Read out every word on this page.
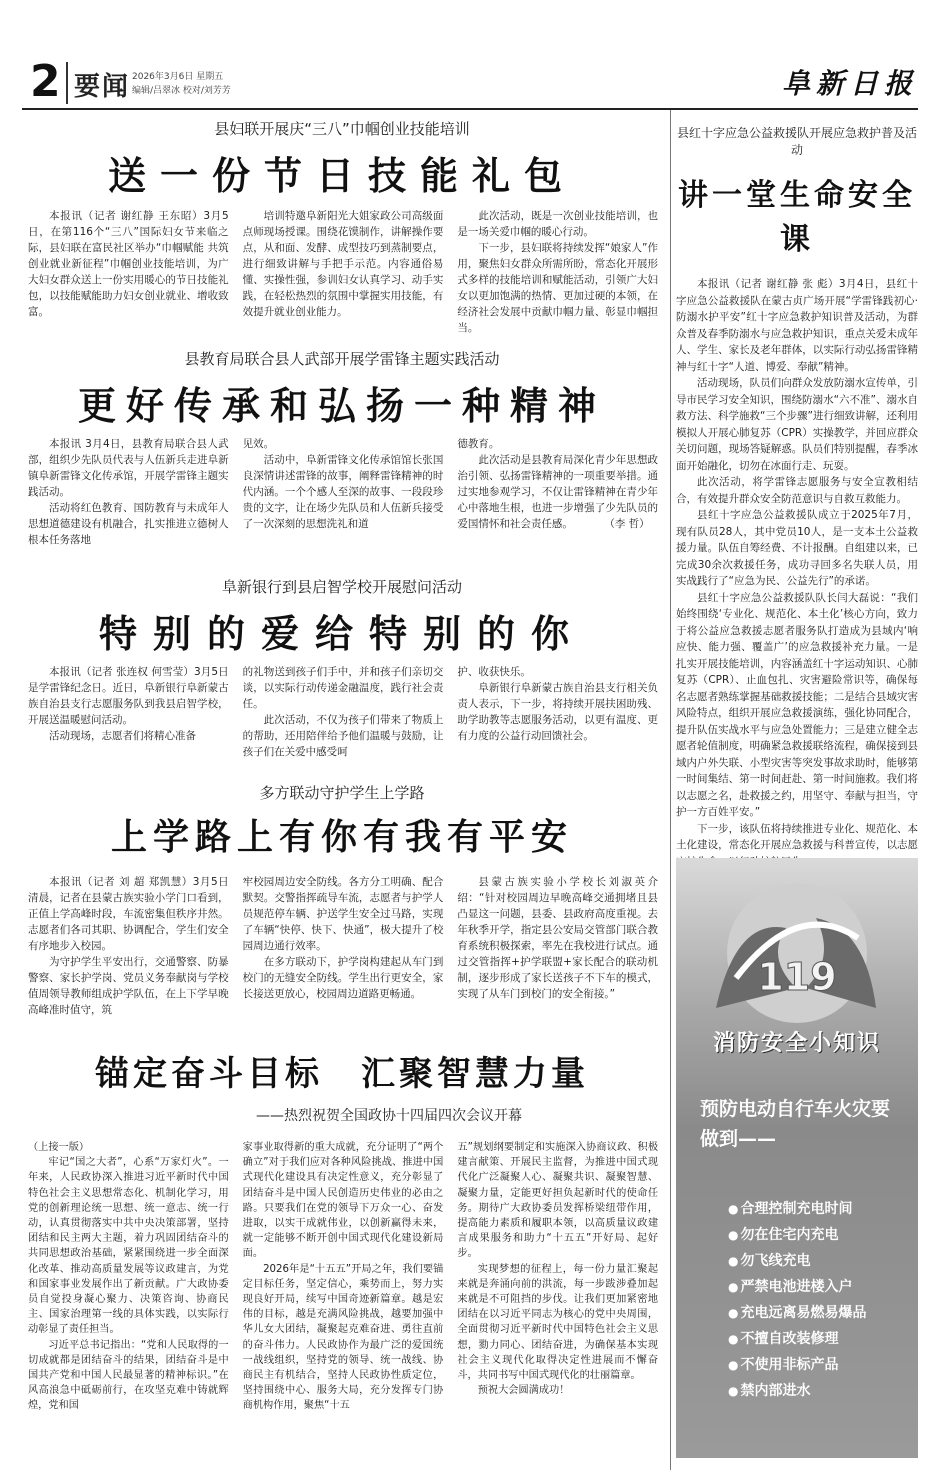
2 要闻 2026年3月6日 星期五
编辑/吕翠冰 校对/刘芳芳	阜新日报
县妇联开展庆“三八”巾帼创业技能培训
送一份节日技能礼包

本报讯（记者 谢红静 王东昭）3月5日，在第116个“三八”国际妇女节来临之际，县妇联在富民社区举办“巾帼赋能 共筑创业就业新征程”巾帼创业技能培训，为广大妇女群众送上一份实用暖心的节日技能礼包，以技能赋能助力妇女创业就业、增收致富。

培训特邀阜新阳光大姐家政公司高级面点师现场授课。围绕花馍制作，讲解操作要点，从和面、发酵、成型技巧到蒸制要点，进行细致讲解与手把手示范。内容通俗易懂、实操性强，参训妇女认真学习、动手实践，在轻松热烈的氛围中掌握实用技能，有效提升就业创业能力。

此次活动，既是一次创业技能培训，也是一场关爱巾帼的暖心行动。

下一步，县妇联将持续发挥“娘家人”作用，聚焦妇女群众所需所盼，常态化开展形式多样的技能培训和赋能活动，引领广大妇女以更加饱满的热情、更加过硬的本领，在经济社会发展中贡献巾帼力量、彰显巾帼担当。

县教育局联合县人武部开展学雷锋主题实践活动
更好传承和弘扬一种精神

本报讯 3月4日，县教育局联合县人武部，组织少先队员代表与人伍新兵走进阜新镇阜新雷锋文化传承馆，开展学雷锋主题实践活动。

活动将红色教育、国防教育与未成年人思想道德建设有机融合，扎实推进立德树人根本任务落地

见效。

活动中，阜新雷锋文化传承馆馆长张国良深情讲述雷锋的故事，阐释雷锋精神的时代内涵。一个个感人至深的故事、一段段珍贵的文字，让在场少先队员和人伍新兵接受了一次深刻的思想洗礼和道

德教育。

此次活动是县教育局深化青少年思想政治引领、弘扬雷锋精神的一项重要举措。通过实地参观学习，不仅让雷锋精神在青少年心中落地生根，也进一步增强了少先队员的爱国情怀和社会责任感。　　　　（李 哲）

阜新银行到县启智学校开展慰问活动
特别的爱给特别的你

本报讯（记者 张连权 何雪莹）3月5日是学雷锋纪念日。近日，阜新银行阜新蒙古族自治县支行志愿服务队到我县启智学校，开展送温暖慰问活动。

活动现场，志愿者们将精心准备

的礼物送到孩子们手中，并和孩子们亲切交谈，以实际行动传递金融温度，践行社会责任。

此次活动，不仅为孩子们带来了物质上的帮助，还用陪伴给予他们温暖与鼓励，让孩子们在关爱中感受呵

护、收获快乐。

阜新银行阜新蒙古族自治县支行相关负责人表示，下一步，将持续开展扶困助残、助学助教等志愿服务活动，以更有温度、更有力度的公益行动回馈社会。

多方联动守护学生上学路
上学路上有你有我有平安

本报讯（记者 刘 超 郑凯慧）3月5日清晨，记者在县蒙古族实验小学门口看到，正值上学高峰时段，车流密集但秩序井然。志愿者们各司其职、协调配合，学生们安全有序地步入校园。

为守护学生平安出行，交通警察、防暴警察、家长护学岗、党员义务奉献岗与学校值周领导教师组成护学队伍，在上下学早晚高峰准时值守，筑

牢校园周边安全防线。各方分工明确、配合默契。交警指挥疏导车流，志愿者与护学人员规范停车辆、护送学生安全过马路，实现了车辆“快停、快下、快通”，极大提升了校园周边通行效率。

在多方联动下，护学岗构建起从车门到校门的无缝安全防线。学生出行更安全，家长接送更放心，校园周边道路更畅通。

县蒙古族实验小学校长刘淑英介绍：“针对校园周边早晚高峰交通拥堵且县凸显这一问题，县委、县政府高度重视。去年秋季开学，指定县公安局交管部门联合教育系统积极探索，率先在我校进行试点。通过交管指挥+护学联盟+家长配合的联动机制，逐步形成了家长送孩子不下车的模式，实现了从车门到校门的安全衔接。”

锚定奋斗目标　汇聚智慧力量
——热烈祝贺全国政协十四届四次会议开幕

（上接一版）

牢记“国之大者”，心系“万家灯火”。一年来，人民政协深入推进习近平新时代中国特色社会主义思想常态化、机制化学习，用党的创新理论统一思想、统一意志、统一行动，认真贯彻落实中共中央决策部署，坚持团结和民主两大主题，着力巩固团结奋斗的共同思想政治基础，紧紧围绕进一步全面深化改革、推动高质量发展等议政建言，为党和国家事业发展作出了新贡献。广大政协委员自觉投身凝心聚力、决策咨询、协商民主、国家治理第一线的具体实践，以实际行动彰显了责任担当。

习近平总书记指出：“党和人民取得的一切成就都是团结奋斗的结果，团结奋斗是中国共产党和中国人民最显著的精神标识。”在风高浪急中砥砺前行，在攻坚克难中铸就辉煌，党和国

家事业取得新的重大成就，充分证明了“两个确立”对于我们应对各种风险挑战、推进中国式现代化建设具有决定性意义，充分彰显了团结奋斗是中国人民创造历史伟业的必由之路。只要我们在党的领导下万众一心、奋发进取，以实干成就伟业，以创新赢得未来，就一定能够不断开创中国式现代化建设新局面。

2026年是“十五五”开局之年，我们要锚定目标任务，坚定信心，乘势而上，努力实现良好开局，续写中国奇迹新篇章。越是宏伟的目标，越是充满风险挑战，越要加强中华儿女大团结，凝聚起克难奋进、勇往直前的奋斗伟力。人民政协作为最广泛的爱国统一战线组织，坚持党的领导、统一战线、协商民主有机结合，坚持人民政协性质定位，坚持围绕中心、服务大局，充分发挥专门协商机构作用，聚焦“十五

五”规划纲要制定和实施深入协商议政、积极建言献策、开展民主监督，为推进中国式现代化广泛凝聚人心、凝聚共识、凝聚智慧、凝聚力量，定能更好担负起新时代的使命任务。期待广大政协委员发挥桥梁纽带作用，提高能力素质和履职本领，以高质量议政建言成果服务和助力“十五五”开好局、起好步。

实现梦想的征程上，每一份力量汇聚起来就是奔涌向前的洪流，每一步跋涉叠加起来就是不可阻挡的步伐。让我们更加紧密地团结在以习近平同志为核心的党中央周围，全面贯彻习近平新时代中国特色社会主义思想，勠力同心、团结奋进，为确保基本实现社会主义现代化取得决定性进展而不懈奋斗，共同书写中国式现代化的壮丽篇章。

预祝大会圆满成功！

县红十字应急公益救援队开展应急救护普及活动
讲一堂生命安全课

本报讯（记者 谢红静 张 彪）3月4日，县红十字应急公益救援队在蒙古贞广场开展“学雷锋践初心·防溺水护平安”红十字应急救护知识普及活动，为群众普及春季防溺水与应急救护知识，重点关爱未成年人、学生、家长及老年群体，以实际行动弘扬雷锋精神与红十字“人道、博爱、奉献”精神。

活动现场，队员们向群众发放防溺水宣传单，引导市民学习安全知识，围绕防溺水“六不准”、溺水自救方法、科学施救“三个步骤”进行细致讲解，还利用模拟人开展心肺复苏（CPR）实操教学，并回应群众关切问题，现场答疑解惑。队员们特别提醒，春季冰面开始融化，切勿在冰面行走、玩耍。

此次活动，将学雷锋志愿服务与安全宣教相结合，有效提升群众安全防范意识与自救互救能力。

县红十字应急公益救援队成立于2025年7月，现有队员28人，其中党员10人，是一支本土公益救援力量。队伍自筹经费、不计报酬。自组建以来，已完成30余次救援任务，成功寻回多名失联人员，用实战践行了“应急为民、公益先行”的承诺。

县红十字应急公益救援队队长闫大磊说：“我们始终围绕‘专业化、规范化、本土化’核心方向，致力于将公益应急救援志愿者服务队打造成为县域内‘响应快、能力强、覆盖广’的应急救援补充力量。一是扎实开展技能培训，内容涵盖红十字运动知识、心肺复苏（CPR）、止血包扎、灾害避险常识等，确保每名志愿者熟练掌握基础救援技能；二是结合县域灾害风险特点，组织开展应急救援演练，强化协同配合，提升队伍实战水平与应急处置能力；三是建立健全志愿者轮值制度，明确紧急救援联络流程，确保接到县域内户外失联、小型灾害等突发事故求助时，能够第一时间集结、第一时间赶赴、第一时间施救。我们将以志愿之名，赴救援之约，用坚守、奉献与担当，守护一方百姓平安。”

下一步，该队伍将持续推进专业化、规范化、本土化建设，常态化开展应急救援与科普宣传，以志愿

119
消防安全小知识
预防电动自行车火灾要做到——
● 合理控制充电时间
● 勿在住宅内充电
● 勿飞线充电
● 严禁电池进楼入户
● 充电远离易燃易爆品
● 不擅自改装修理
● 不使用非标产品
● 禁内部进水
